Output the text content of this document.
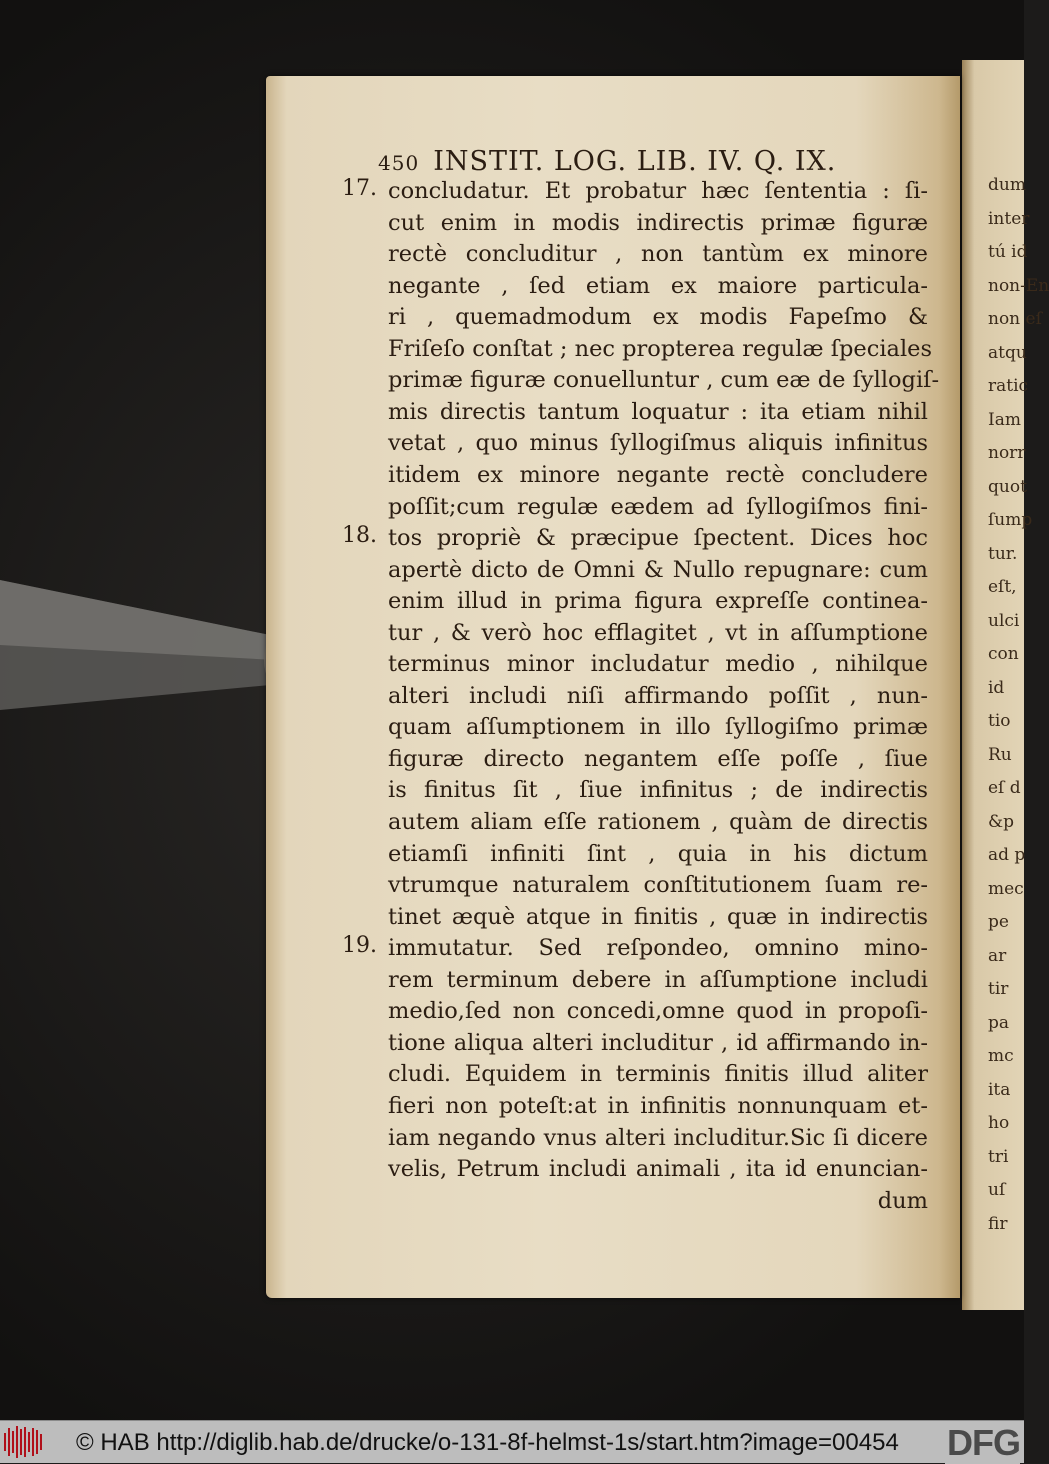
dum
inter
tú id
non-En
non eſ
atqu
ratic
Iam
norr
quot
ſump
tur.
eſt,
ulci
con
id
tio
Ru
eſ d
&p
ad p
mec
pe
ar
tir
pa
mc
ita
ho
tri
uſ
fir
450 INSTIT. LOG. LIB. IV. Q. IX.
concludatur. Et probatur hæc ſententia : ſi-
cut enim in modis indirectis primæ figuræ
rectè concluditur , non tantùm ex minore
negante , ſed etiam ex maiore particula-
ri , quemadmodum ex modis Fapeſmo &
Friſeſo conſtat ; nec propterea regulæ ſpeciales
primæ figuræ conuelluntur , cum eæ de ſyllogiſ-
mis directis tantum loquatur : ita etiam nihil
vetat , quo minus ſyllogiſmus aliquis infinitus
itidem ex minore negante rectè concludere
poſſit;cum regulæ eædem ad ſyllogiſmos fini-
tos propriè & præcipue ſpectent. Dices hoc
apertè dicto de Omni & Nullo repugnare: cum
enim illud in prima figura expreſſe continea-
tur , & verò hoc efflagitet , vt in aſſumptione
terminus minor includatur medio , nihilque
alteri includi niſi affirmando poſſit , nun-
quam aſſumptionem in illo ſyllogiſmo primæ
figuræ directo negantem eſſe poſſe , ſiue
is finitus ſit , ſiue infinitus ; de indirectis
autem aliam eſſe rationem , quàm de directis
etiamſi infiniti ſint , quia in his dictum
vtrumque naturalem conſtitutionem ſuam re-
tinet æquè atque in finitis , quæ in indirectis
immutatur. Sed reſpondeo, omnino mino-
rem terminum debere in aſſumptione includi
medio,ſed non concedi,omne quod in propoſi-
tione aliqua alteri includitur , id affirmando in-
cludi. Equidem in terminis finitis illud aliter
fieri non poteſt:at in infinitis nonnunquam et-
iam negando vnus alteri includitur.Sic ſi dicere
velis, Petrum includi animali , ita id enuncian-
dum
17.
18.
19.
© HAB http://diglib.hab.de/drucke/o-131-8f-helmst-1s/start.htm?image=00454 DFG
